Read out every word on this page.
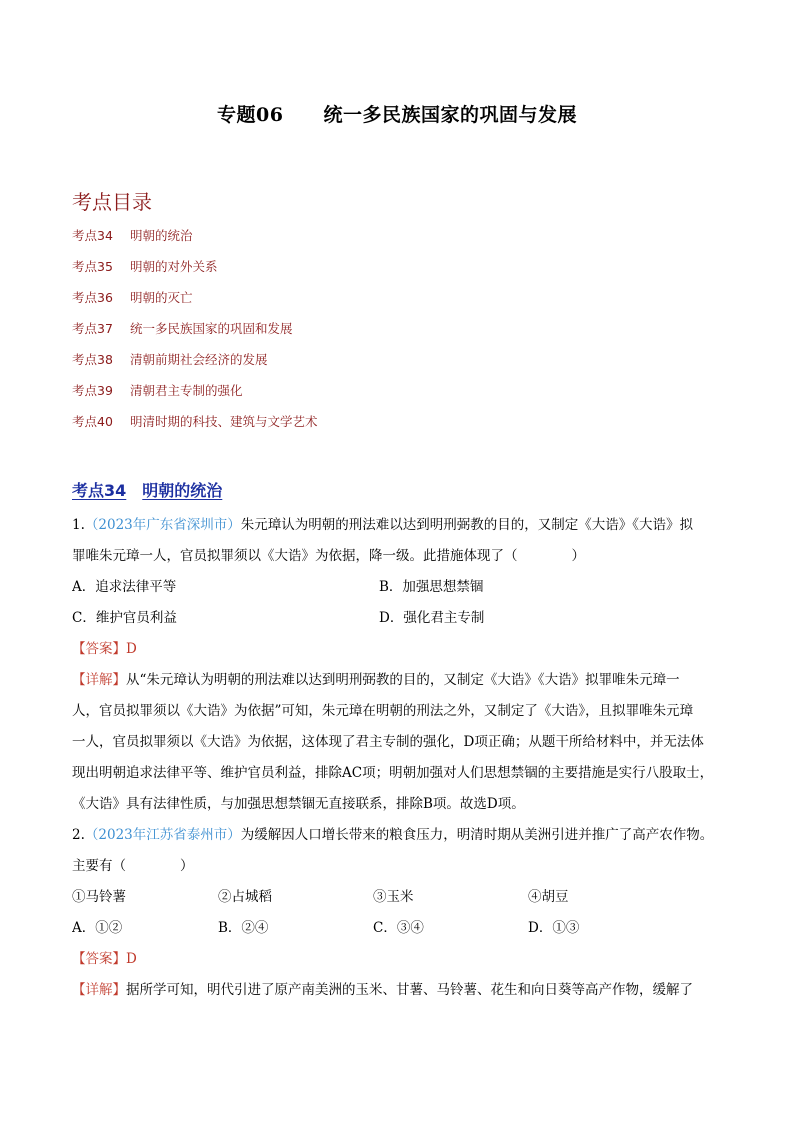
专题06 统一多民族国家的巩固与发展
考点目录
考点34 明朝的统治
考点35 明朝的对外关系
考点36 明朝的灭亡
考点37 统一多民族国家的巩固和发展
考点38 清朝前期社会经济的发展
考点39 清朝君主专制的强化
考点40 明清时期的科技、建筑与文学艺术
考点34 明朝的统治
1.（2023年广东省深圳市）朱元璋认为明朝的刑法难以达到明刑弼教的目的，又制定《大诰》《大诰》拟
罪唯朱元璋一人，官员拟罪须以《大诰》为依据，降一级。此措施体现了（　　　　）
A．追求法律平等	B．加强思想禁锢
C．维护官员利益	D．强化君主专制
【答案】D
【详解】从“朱元璋认为明朝的刑法难以达到明刑弼教的目的，又制定《大诰》《大诰》拟罪唯朱元璋一
人，官员拟罪须以《大诰》为依据”可知，朱元璋在明朝的刑法之外，又制定了《大诰》，且拟罪唯朱元璋
一人，官员拟罪须以《大诰》为依据，这体现了君主专制的强化，D项正确；从题干所给材料中，并无法体
现出明朝追求法律平等、维护官员利益，排除AC项；明朝加强对人们思想禁锢的主要措施是实行八股取士，
《大诰》具有法律性质，与加强思想禁锢无直接联系，排除B项。故选D项。
2.（2023年江苏省泰州市）为缓解因人口增长带来的粮食压力，明清时期从美洲引进并推广了高产农作物。
主要有（　　　　）
①马铃薯	②占城稻	③玉米	④胡豆
A．①②	B．②④	C．③④	D．①③
【答案】D
【详解】据所学可知，明代引进了原产南美洲的玉米、甘薯、马铃薯、花生和向日葵等高产作物，缓解了
